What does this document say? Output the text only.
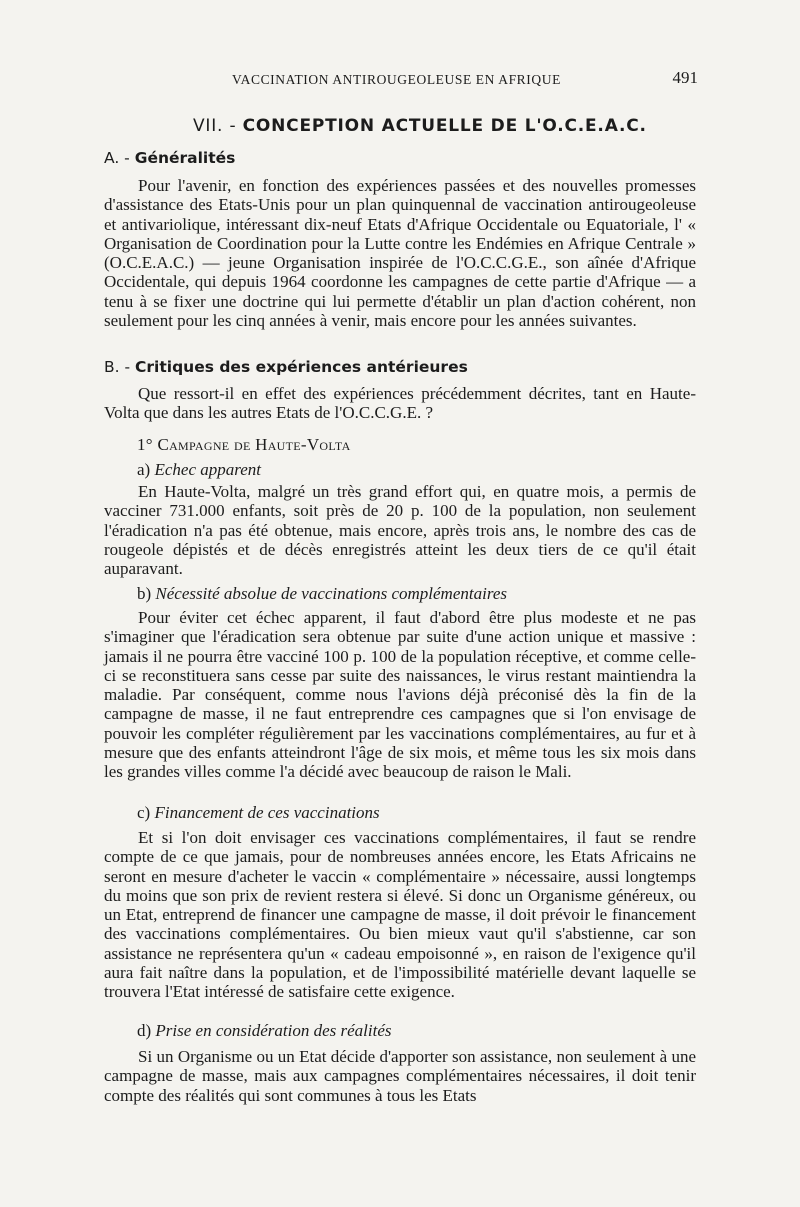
VACCINATION ANTIROUGEOLEUSE EN AFRIQUE	491
VII. - CONCEPTION ACTUELLE DE L'O.C.E.A.C.
A. - Généralités
Pour l'avenir, en fonction des expériences passées et des nouvelles promesses d'assistance des Etats-Unis pour un plan quinquennal de vaccination antirougeoleuse et antivariolique, intéressant dix-neuf Etats d'Afrique Occidentale ou Equatoriale, l' « Organisation de Coordination pour la Lutte contre les Endémies en Afrique Centrale » (O.C.E.A.C.) — jeune Organisation inspirée de l'O.C.C.G.E., son aînée d'Afrique Occidentale, qui depuis 1964 coordonne les campagnes de cette partie d'Afrique — a tenu à se fixer une doctrine qui lui permette d'établir un plan d'action cohérent, non seulement pour les cinq années à venir, mais encore pour les années suivantes.
B. - Critiques des expériences antérieures
Que ressort-il en effet des expériences précédemment décrites, tant en Haute-Volta que dans les autres Etats de l'O.C.C.G.E. ?
1° Campagne de Haute-Volta
a) Echec apparent
En Haute-Volta, malgré un très grand effort qui, en quatre mois, a permis de vacciner 731.000 enfants, soit près de 20 p. 100 de la population, non seulement l'éradication n'a pas été obtenue, mais encore, après trois ans, le nombre des cas de rougeole dépistés et de décès enregistrés atteint les deux tiers de ce qu'il était auparavant.
b) Nécessité absolue de vaccinations complémentaires
Pour éviter cet échec apparent, il faut d'abord être plus modeste et ne pas s'imaginer que l'éradication sera obtenue par suite d'une action unique et massive : jamais il ne pourra être vacciné 100 p. 100 de la population réceptive, et comme celle-ci se reconstituera sans cesse par suite des naissances, le virus restant maintiendra la maladie. Par conséquent, comme nous l'avions déjà préconisé dès la fin de la campagne de masse, il ne faut entreprendre ces campagnes que si l'on envisage de pouvoir les compléter régulièrement par les vaccinations complémentaires, au fur et à mesure que des enfants atteindront l'âge de six mois, et même tous les six mois dans les grandes villes comme l'a décidé avec beaucoup de raison le Mali.
c) Financement de ces vaccinations
Et si l'on doit envisager ces vaccinations complémentaires, il faut se rendre compte de ce que jamais, pour de nombreuses années encore, les Etats Africains ne seront en mesure d'acheter le vaccin « complémentaire » nécessaire, aussi longtemps du moins que son prix de revient restera si élevé. Si donc un Organisme généreux, ou un Etat, entreprend de financer une campagne de masse, il doit prévoir le financement des vaccinations complémentaires. Ou bien mieux vaut qu'il s'abstienne, car son assistance ne représentera qu'un « cadeau empoisonné », en raison de l'exigence qu'il aura fait naître dans la population, et de l'impossibilité matérielle devant laquelle se trouvera l'Etat intéressé de satisfaire cette exigence.
d) Prise en considération des réalités
Si un Organisme ou un Etat décide d'apporter son assistance, non seulement à une campagne de masse, mais aux campagnes complémentaires nécessaires, il doit tenir compte des réalités qui sont communes à tous les Etats
